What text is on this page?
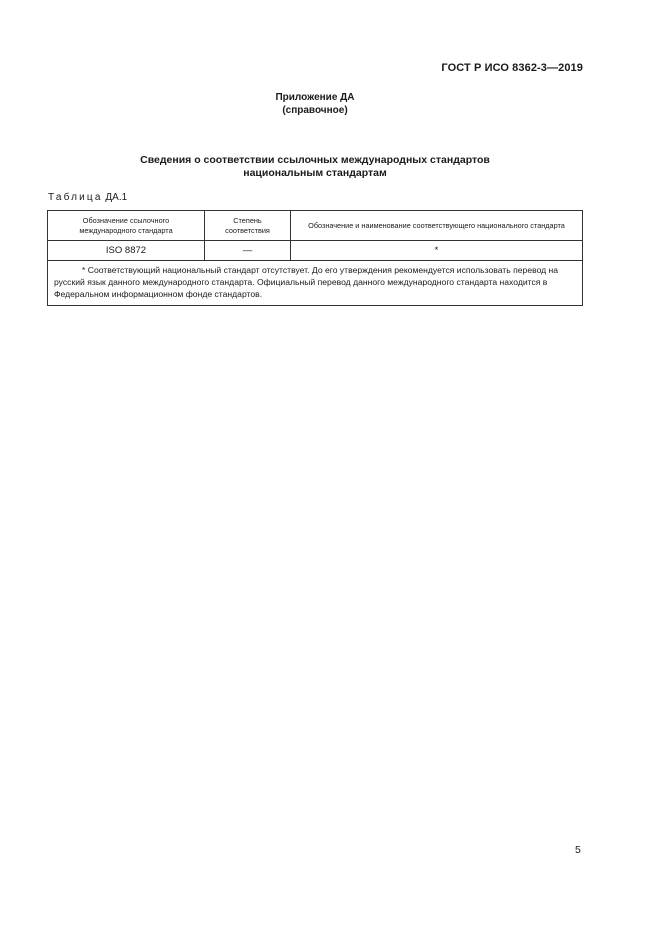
ГОСТ Р ИСО 8362-3—2019
Приложение ДА
(справочное)
Сведения о соответствии ссылочных международных стандартов
национальным стандартам
Таблица ДА.1
Обозначение ссылочного международного стандарта	Степень соответствия	Обозначение и наименование соответствующего национального стандарта
ISO 8872	—	*
* Соответствующий национальный стандарт отсутствует. До его утверждения рекомендуется использовать перевод на русский язык данного международного стандарта. Официальный перевод данного международного стандарта находится в Федеральном информационном фонде стандартов.		
5
